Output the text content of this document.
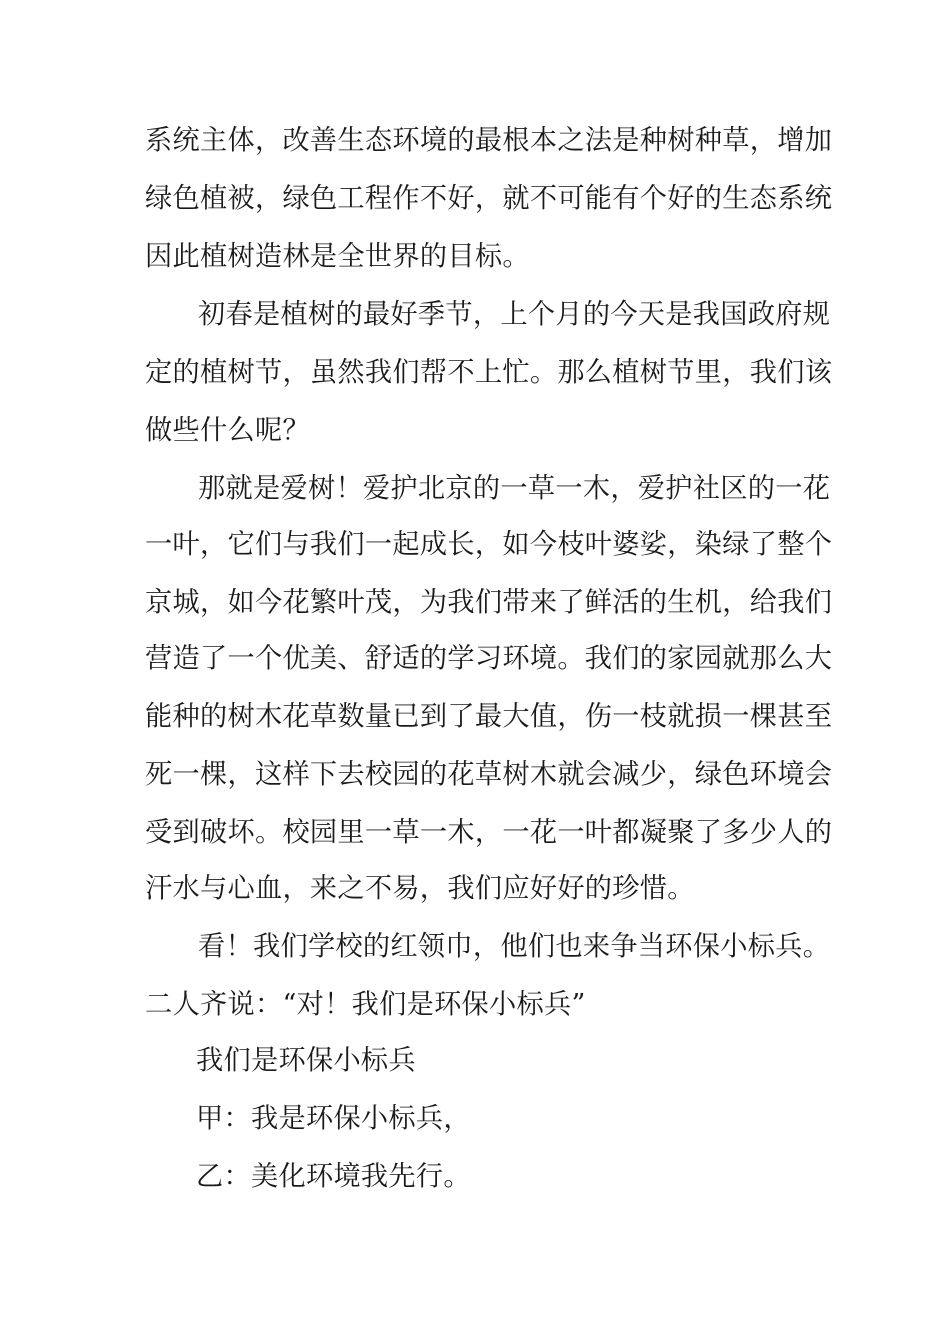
系统主体，改善生态环境的最根本之法是种树种草，增加
绿色植被，绿色工程作不好，就不可能有个好的生态系统
因此植树造林是全世界的目标。
初春是植树的最好季节，上个月的今天是我国政府规
定的植树节，虽然我们帮不上忙。那么植树节里，我们该
做些什么呢？
那就是爱树！爱护北京的一草一木，爱护社区的一花
一叶，它们与我们一起成长，如今枝叶婆娑，染绿了整个
京城，如今花繁叶茂，为我们带来了鲜活的生机，给我们
营造了一个优美、舒适的学习环境。我们的家园就那么大
能种的树木花草数量已到了最大值，伤一枝就损一棵甚至
死一棵，这样下去校园的花草树木就会减少，绿色环境会
受到破坏。校园里一草一木，一花一叶都凝聚了多少人的
汗水与心血，来之不易，我们应好好的珍惜。
看！我们学校的红领巾，他们也来争当环保小标兵。
二人齐说：“对！我们是环保小标兵”
我们是环保小标兵
甲：我是环保小标兵，
乙：美化环境我先行。
